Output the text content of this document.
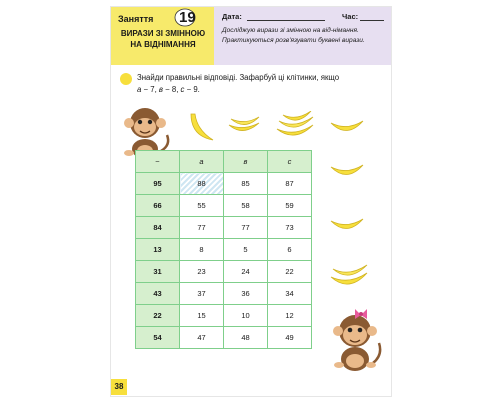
Заняття 19
ВИРАЗИ ЗІ ЗМІННОЮ НА ВІДНІМАННЯ
Дата:	Час:
Досліджую вирази зі змінною на від-німання. Практикуються розв'язувати буквені вирази.
Знайди правильні відповіді. Зафарбуй ці клітинки, якщо
a − 7, в − 8, c − 9.
−	a	в	c
95	88	85	87
66	55	58	59
84	77	77	73
13	8	5	6
31	23	24	22
43	37	36	34
22	15	10	12
54	47	48	49
38
